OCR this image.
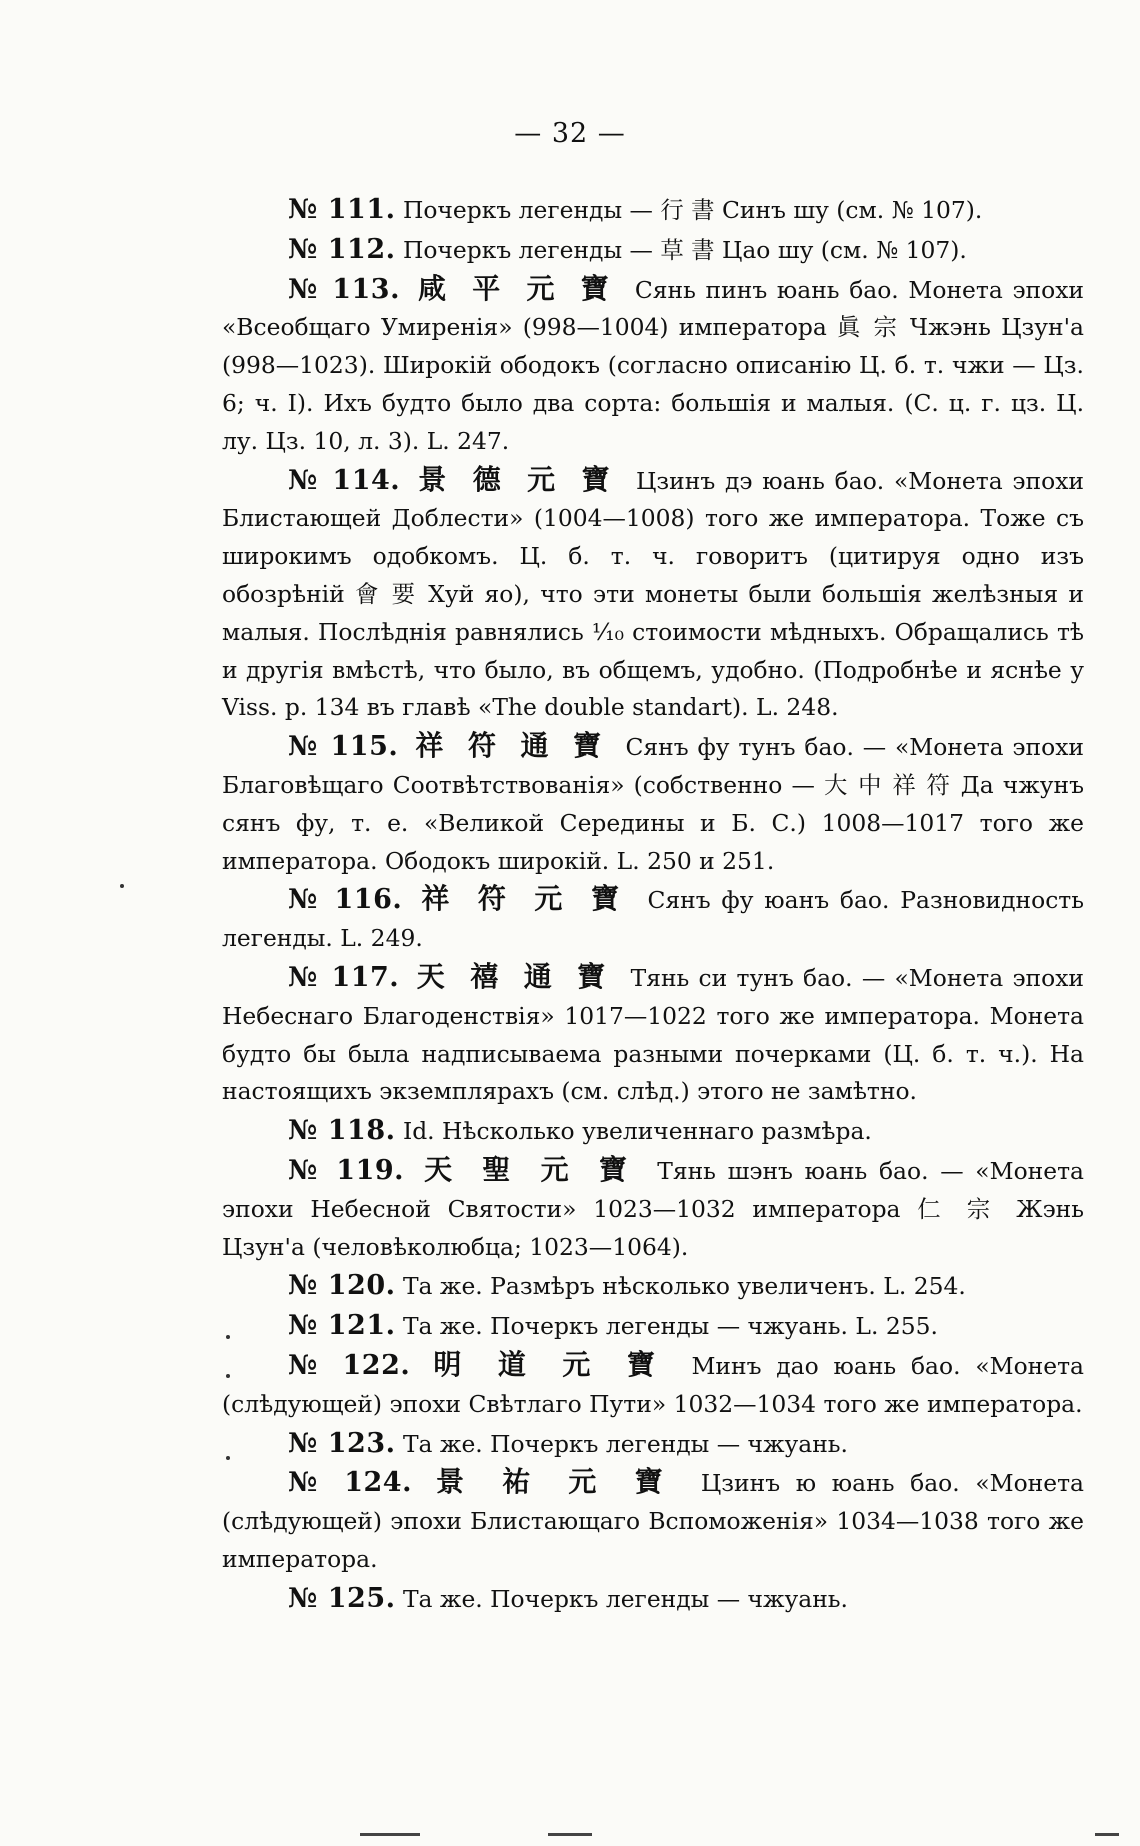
— 32 —

№ 111. Почеркъ легенды — 行 書 Синъ шу (см. № 107).

№ 112. Почеркъ легенды — 草 書 Цао шу (см. № 107).

№ 113. 咸 平 元 寶 Сянь пинъ юань бао. Монета эпохи «Всеобщаго Умиренія» (998—1004) императора 眞 宗 Чжэнь Цзун'а (998—1023). Широкій ободокъ (согласно описанію Ц. б. т. чжи — Цз. 6; ч. I). Ихъ будто было два сорта: большія и малыя. (С. ц. г. цз. Ц. лу. Цз. 10, л. 3). L. 247.

№ 114. 景 德 元 寶 Цзинъ дэ юань бао. «Монета эпохи Блистающей Доблести» (1004—1008) того же императора. Тоже съ широкимъ одобкомъ. Ц. б. т. ч. говоритъ (цитируя одно изъ обозрѣній 會 要 Хуй яо), что эти монеты были большія желѣзныя и малыя. Послѣднія равнялись ¹⁄₁₀ стоимости мѣдныхъ. Обращались тѣ и другія вмѣстѣ, что было, въ общемъ, удобно. (Подробнѣе и яснѣе у Viss. p. 134 въ главѣ «The double standart). L. 248.

№ 115. 祥 符 通 寶 Сянъ фу тунъ бао. — «Монета эпохи Благовѣщаго Соотвѣтствованія» (собственно — 大 中 祥 符 Да чжунъ сянъ фу, т. е. «Великой Середины и Б. С.) 1008—1017 того же императора. Ободокъ широкій. L. 250 и 251.

№ 116. 祥 符 元 寶 Сянъ фу юанъ бао. Разновидность легенды. L. 249.

№ 117. 天 禧 通 寶 Тянь си тунъ бао. — «Монета эпохи Небеснаго Благоденствія» 1017—1022 того же императора. Монета будто бы была надписываема разными почерками (Ц. б. т. ч.). На настоящихъ экземплярахъ (см. слѣд.) этого не замѣтно.

№ 118. Id. Нѣсколько увеличеннаго размѣра.

№ 119. 天 聖 元 寶 Тянь шэнъ юань бао. — «Монета эпохи Небесной Святости» 1023—1032 императора 仁 宗 Жэнь Цзун'а (человѣколюбца; 1023—1064).

№ 120. Та же. Размѣръ нѣсколько увеличенъ. L. 254.

№ 121. Та же. Почеркъ легенды — чжуань. L. 255.

№ 122. 明 道 元 寶 Минъ дао юань бао. «Монета (слѣдующей) эпохи Свѣтлаго Пути» 1032—1034 того же императора.

№ 123. Та же. Почеркъ легенды — чжуань.

№ 124. 景 祐 元 寶 Цзинъ ю юань бао. «Монета (слѣдующей) эпохи Блистающаго Вспоможенія» 1034—1038 того же императора.

№ 125. Та же. Почеркъ легенды — чжуань.
